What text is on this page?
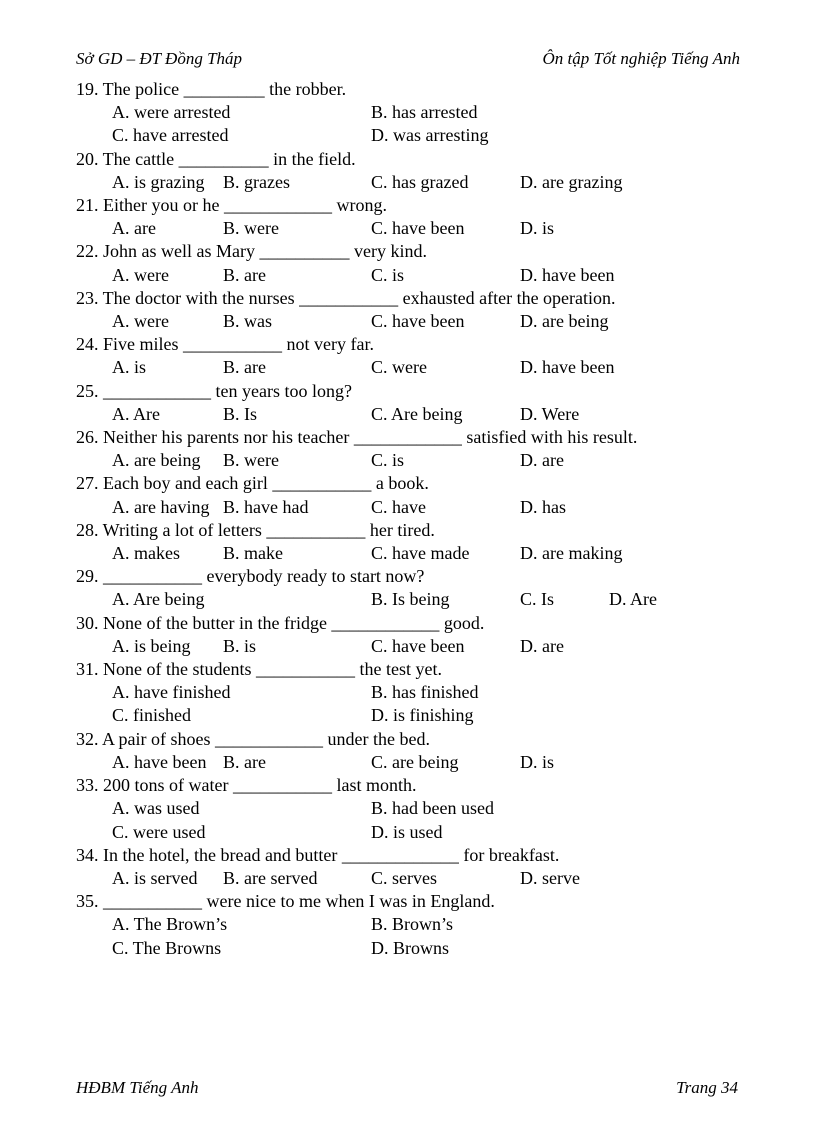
Sở GD – ĐT Đồng Tháp	Ôn tập Tốt nghiệp Tiếng Anh
19. The police _________ the robber.
A. were arrested	B. has arrested
C. have arrested	D. was arresting
20. The cattle __________ in the field.
A. is grazing	B. grazes	C. has grazed	D. are grazing
21. Either you or he ____________ wrong.
A. are	B. were	C. have been	D. is
22. John as well as Mary __________ very kind.
A. were	B. are	C. is	D. have been
23. The doctor with the nurses ___________ exhausted after the operation.
A. were	B. was	C. have been	D. are being
24. Five miles ___________ not very far.
A. is	B. are	C. were	D. have been
25. ____________ ten years too long?
A. Are	B. Is	C. Are being	D. Were
26. Neither his parents nor his teacher ____________ satisfied with his result.
A. are being	B. were	C. is	D. are
27. Each boy and each girl ___________ a book.
A. are having B. have had	C. have	D. has
28. Writing a lot of letters ___________ her tired.
A. makes	B. make	C. have made	D. are making
29. ___________ everybody ready to start now?
A. Are being	B. Is being	C. Is	D. Are
30. None of the butter in the fridge ____________ good.
A. is being	B. is	C. have been	D. are
31. None of the students ___________ the test yet.
A. have finished	B. has finished
C. finished	D. is finishing
32. A pair of shoes ____________ under the bed.
A. have been B. are	C. are being	D. is
33. 200 tons of water ___________ last month.
A. was used	B. had been used
C. were used	D. is used
34. In the hotel, the bread and butter _____________ for breakfast.
A. is served	B. are served	C. serves	D. serve
35. ___________ were nice to me when I was in England.
A. The Brown’s	B. Brown’s
C. The Browns	D. Browns
HĐBM Tiếng Anh	Trang 34
